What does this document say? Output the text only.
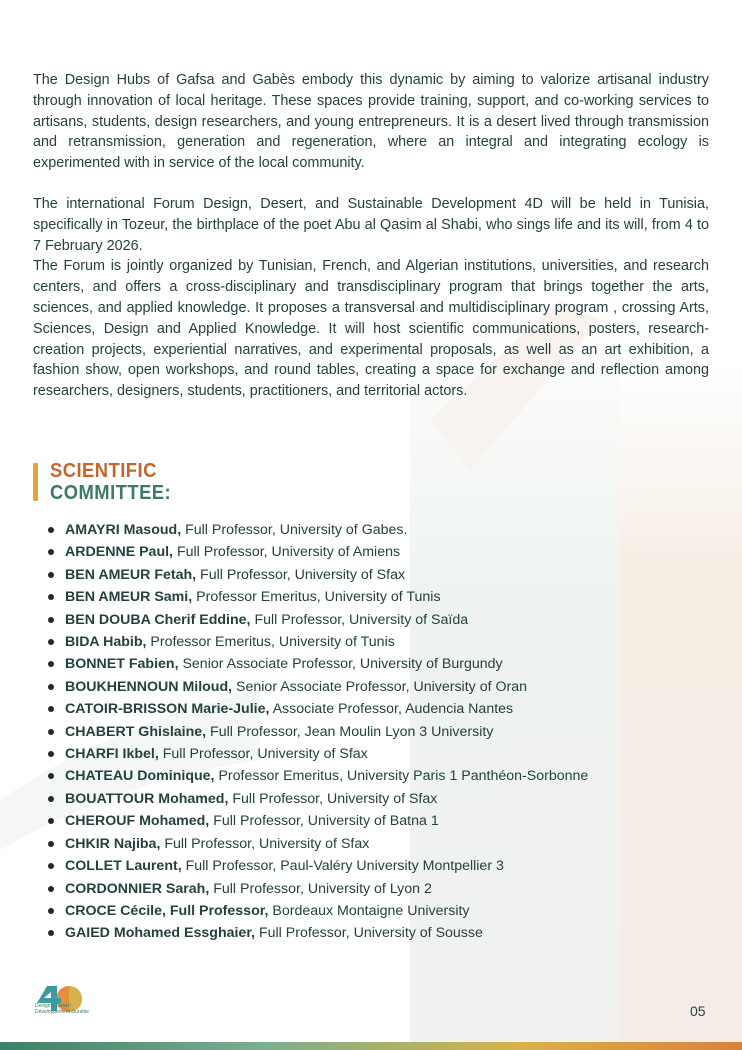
The Design Hubs of Gafsa and Gabès embody this dynamic by aiming to valorize artisanal industry through innovation of local heritage. These spaces provide training, support, and co-working services to artisans, students, design researchers, and young entrepreneurs. It is a desert lived through transmission and retransmission, generation and regeneration, where an integral and integrating ecology is experimented with in service of the local community.

The international Forum Design, Desert, and Sustainable Development 4D will be held in Tunisia, specifically in Tozeur, the birthplace of the poet Abu al Qasim al Shabi, who sings life and its will, from 4 to 7 February 2026.

The Forum is jointly organized by Tunisian, French, and Algerian institutions, universities, and research centers, and offers a cross-disciplinary and transdisciplinary program that brings together the arts, sciences, and applied knowledge. It proposes a transversal and multidisciplinary program , crossing Arts, Sciences, Design and Applied Knowledge. It will host scientific communications, posters, research-creation projects, experiential narratives, and experimental proposals, as well as an art exhibition, a fashion show, open workshops, and round tables, creating a space for exchange and reflection among researchers, designers, students, practitioners, and territorial actors.

SCIENTIFIC
COMMITTEE:
AMAYRI Masoud, Full Professor, University of Gabes.
ARDENNE Paul, Full Professor, University of Amiens
BEN AMEUR Fetah, Full Professor, University of Sfax
BEN AMEUR Sami, Professor Emeritus, University of Tunis
BEN DOUBA Cherif Eddine, Full Professor, University of Saïda
BIDA Habib, Professor Emeritus, University of Tunis
BONNET Fabien, Senior Associate Professor, University of Burgundy
BOUKHENNOUN Miloud, Senior Associate Professor, University of Oran
CATOIR-BRISSON Marie-Julie, Associate Professor, Audencia Nantes
CHABERT Ghislaine, Full Professor, Jean Moulin Lyon 3 University
CHARFI Ikbel, Full Professor, University of Sfax
CHATEAU Dominique, Professor Emeritus, University Paris 1 Panthéon-Sorbonne
BOUATTOUR Mohamed, Full Professor, University of Sfax
CHEROUF Mohamed, Full Professor, University of Batna 1
CHKIR Najiba, Full Professor, University of Sfax
COLLET Laurent, Full Professor, Paul-Valéry University Montpellier 3
CORDONNIER Sarah, Full Professor, University of Lyon 2
CROCE Cécile, Full Professor, Bordeaux Montaigne University
GAIED Mohamed Essghaier, Full Professor, University of Sousse
Design – Desert Développement Durable	05
